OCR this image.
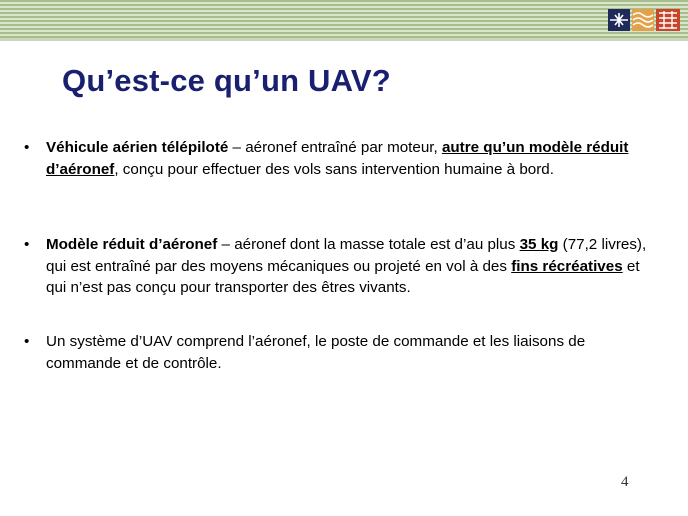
Qu’est-ce qu’un UAV?
• Véhicule aérien télépiloté – aéronef entraîné par moteur, autre qu’un modèle réduit d’aéronef, conçu pour effectuer des vols sans intervention humaine à bord.
• Modèle réduit d’aéronef – aéronef dont la masse totale est d’au plus 35 kg (77,2 livres), qui est entraîné par des moyens mécaniques ou projeté en vol à des fins récréatives et qui n’est pas conçu pour transporter des êtres vivants.
• Un système d’UAV comprend l’aéronef, le poste de commande et les liaisons de commande et de contrôle.
4
